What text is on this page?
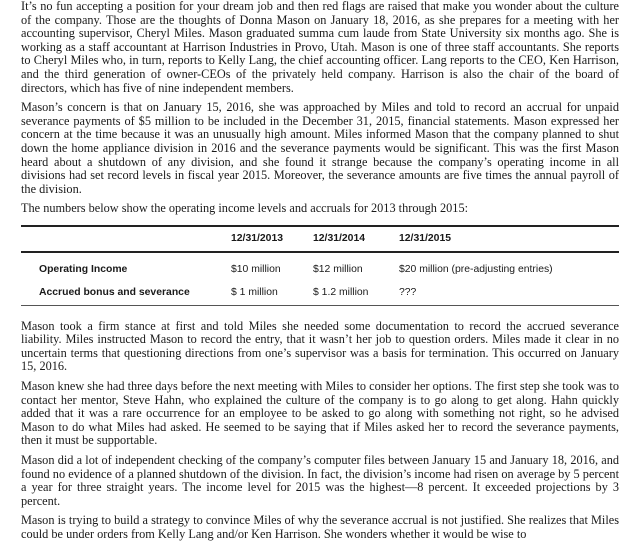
It’s no fun accepting a position for your dream job and then red flags are raised that make you wonder about the culture of the company. Those are the thoughts of Donna Mason on January 18, 2016, as she prepares for a meeting with her accounting supervisor, Cheryl Miles. Mason graduated summa cum laude from State University six months ago. She is working as a staff accountant at Harrison Industries in Provo, Utah. Mason is one of three staff accountants. She reports to Cheryl Miles who, in turn, reports to Kelly Lang, the chief accounting officer. Lang reports to the CEO, Ken Harrison, and the third generation of owner-CEOs of the privately held company. Harrison is also the chair of the board of directors, which has five of nine independent members.

Mason’s concern is that on January 15, 2016, she was approached by Miles and told to record an accrual for unpaid severance payments of $5 million to be included in the December 31, 2015, financial statements. Mason expressed her concern at the time because it was an unusually high amount. Miles informed Mason that the company planned to shut down the home appliance division in 2016 and the severance payments would be significant. This was the first Mason heard about a shutdown of any division, and she found it strange because the company’s operating income in all divisions had set record levels in fiscal year 2015. Moreover, the severance amounts are five times the annual payroll of the division.

The numbers below show the operating income levels and accruals for 2013 through 2015:

	12/31/2013	12/31/2014	12/31/2015
Operating Income	$10 million	$12 million	$20 million (pre-adjusting entries)
Accrued bonus and severance	$ 1 million	$ 1.2 million	???

Mason took a firm stance at first and told Miles she needed some documentation to record the accrued severance liability. Miles instructed Mason to record the entry, that it wasn’t her job to question orders. Miles made it clear in no uncertain terms that questioning directions from one’s supervisor was a basis for termination. This occurred on January 15, 2016.

Mason knew she had three days before the next meeting with Miles to consider her options. The first step she took was to contact her mentor, Steve Hahn, who explained the culture of the company is to go along to get along. Hahn quickly added that it was a rare occurrence for an employee to be asked to go along with something not right, so he advised Mason to do what Miles had asked. He seemed to be saying that if Miles asked her to record the severance payments, then it must be supportable.

Mason did a lot of independent checking of the company’s computer files between January 15 and January 18, 2016, and found no evidence of a planned shutdown of the division. In fact, the division’s income had risen on average by 5 percent a year for three straight years. The income level for 2015 was the highest—8 percent. It exceeded projections by 3 percent.

Mason is trying to build a strategy to convince Miles of why the severance accrual is not justified. She realizes that Miles could be under orders from Kelly Lang and/or Ken Harrison. She wonders whether it would be wise to
